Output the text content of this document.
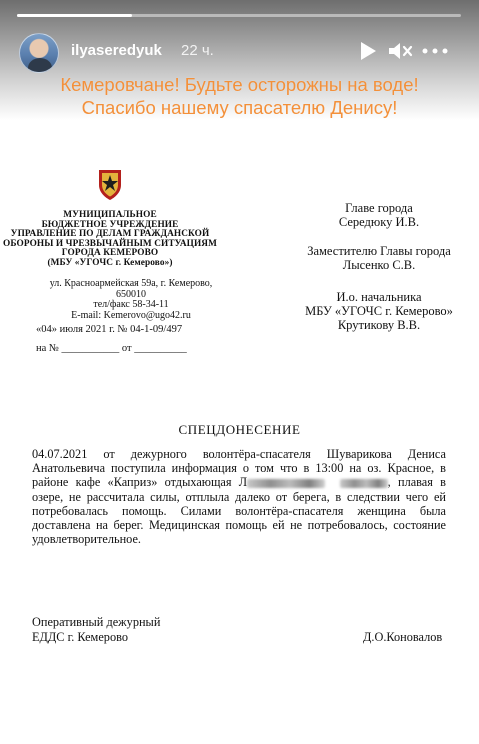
ilyaseredyuk 22 ч.
Кемеровчане! Будьте осторожны на воде!
Спасибо нашему спасателю Денису!
МУНИЦИПАЛЬНОЕ
БЮДЖЕТНОЕ УЧРЕЖДЕНИЕ
УПРАВЛЕНИЕ ПО ДЕЛАМ ГРАЖДАНСКОЙ
ОБОРОНЫ И ЧРЕЗВЫЧАЙНЫМ СИТУАЦИЯМ
ГОРОДА КЕМЕРОВО
(МБУ «УГОЧС г. Кемерово»)
ул. Красноармейская 59а, г. Кемерово, 650010
тел/факс 58-34-11
E-mail: Kemerovo@ugo42.ru
«04» июля 2021 г. № 04-1-09/497
на № ___________ от __________
Главе города
Середюку И.В.
Заместителю Главы города
Лысенко С.В.
И.о. начальника
МБУ «УГОЧС г. Кемерово»
Крутикову В.В.
СПЕЦДОНЕСЕНИЕ

04.07.2021 от дежурного волонтёра-спасателя Шуварикова Дениса Анатольевича поступила информация о том что в 13:00 на оз. Красное, в районе кафе «Каприз» отдыхающая Л	, плавая в озере, не рассчитала силы, отплыла далеко от берега, в следствии чего ей потребовалась помощь. Силами волонтёра-спасателя женщина была доставлена на берег. Медицинская помощь ей не потребовалось, состояние удовлетворительное.

Оперативный дежурный
ЕДДС г. Кемерово	Д.О.Коновалов
